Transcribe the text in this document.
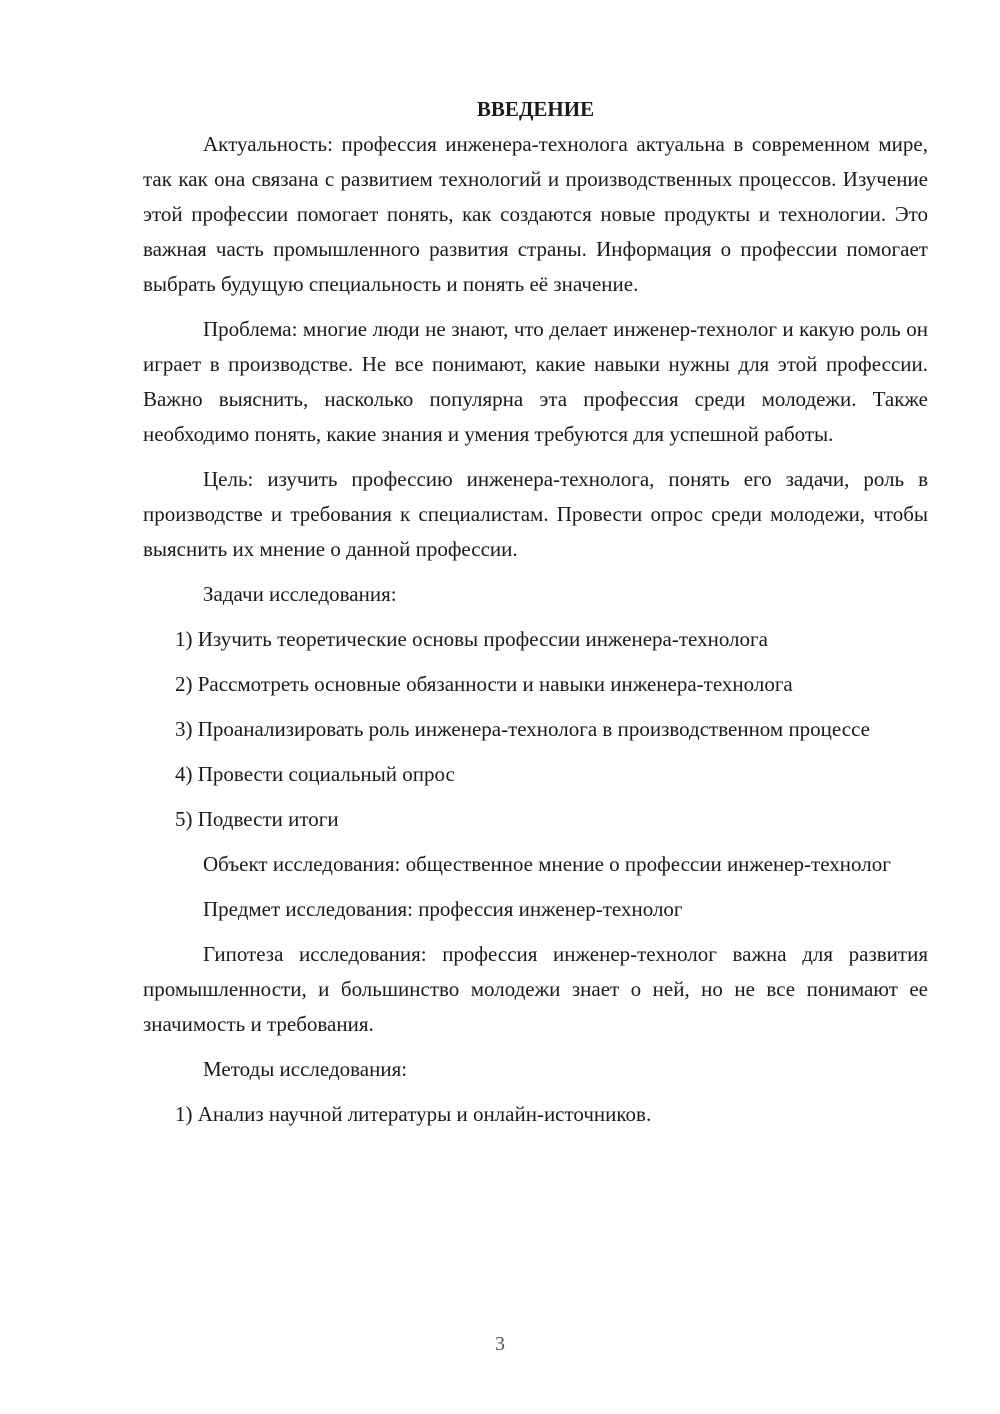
ВВЕДЕНИЕ

Актуальность: профессия инженера-технолога актуальна в современном мире, так как она связана с развитием технологий и производственных процессов. Изучение этой профессии помогает понять, как создаются новые продукты и технологии. Это важная часть промышленного развития страны. Информация о профессии помогает выбрать будущую специальность и понять её значение.

Проблема: многие люди не знают, что делает инженер-технолог и какую роль он играет в производстве. Не все понимают, какие навыки нужны для этой профессии. Важно выяснить, насколько популярна эта профессия среди молодежи. Также необходимо понять, какие знания и умения требуются для успешной работы.

Цель: изучить профессию инженера-технолога, понять его задачи, роль в производстве и требования к специалистам. Провести опрос среди молодежи, чтобы выяснить их мнение о данной профессии.

Задачи исследования:

1) Изучить теоретические основы профессии инженера-технолога

2) Рассмотреть основные обязанности и навыки инженера-технолога

3) Проанализировать роль инженера-технолога в производственном процессе

4) Провести социальный опрос

5) Подвести итоги

Объект исследования: общественное мнение о профессии инженер-технолог

Предмет исследования: профессия инженер-технолог

Гипотеза исследования: профессия инженер-технолог важна для развития промышленности, и большинство молодежи знает о ней, но не все понимают ее значимость и требования.

Методы исследования:

1) Анализ научной литературы и онлайн-источников.

3
